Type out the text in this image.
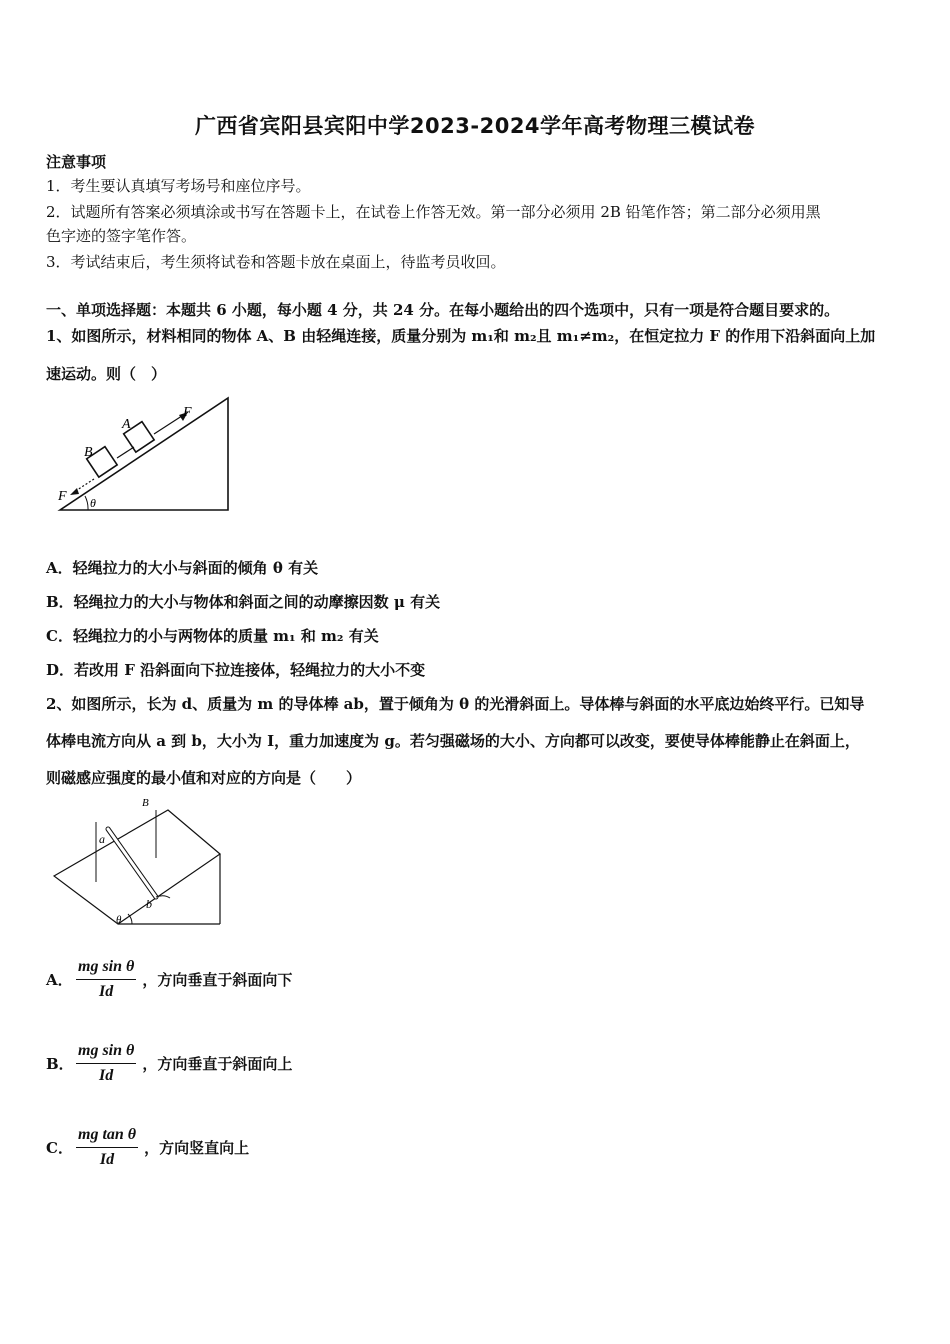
广西省宾阳县宾阳中学2023-2024学年高考物理三模试卷
注意事项
1．考生要认真填写考场号和座位序号。
2．试题所有答案必须填涂或书写在答题卡上，在试卷上作答无效。第一部分必须用 2B 铅笔作答；第二部分必须用黑
色字迹的签字笔作答。
3．考试结束后，考生须将试卷和答题卡放在桌面上，待监考员收回。
一、单项选择题：本题共 6 小题，每小题 4 分，共 24 分。在每小题给出的四个选项中，只有一项是符合题目要求的。
1、如图所示，材料相同的物体 A、B 由轻绳连接，质量分别为 m₁和 m₂且 m₁≠m₂，在恒定拉力 F 的作用下沿斜面向上加
速运动。则（　）
A
B
F
F θ
A．轻绳拉力的大小与斜面的倾角 θ 有关
B．轻绳拉力的大小与物体和斜面之间的动摩擦因数 μ 有关
C．轻绳拉力的小与两物体的质量 m₁ 和 m₂ 有关
D．若改用 F 沿斜面向下拉连接体，轻绳拉力的大小不变
2、如图所示，长为 d、质量为 m 的导体棒 ab，置于倾角为 θ 的光滑斜面上。导体棒与斜面的水平底边始终平行。已知导
体棒电流方向从 a 到 b，大小为 I，重力加速度为 g。若匀强磁场的大小、方向都可以改变，要使导体棒能静止在斜面上，
则磁感应强度的最小值和对应的方向是（　　）
B
a
b
θ
A． $\frac{\text{mg sin θ}}{Id}$ ，方向垂直于斜面向下
B． $\frac{\text{mg sin θ}}{Id}$ ，方向垂直于斜面向上
C． $\frac{\text{mg tan θ}}{Id}$ ，方向竖直向上
